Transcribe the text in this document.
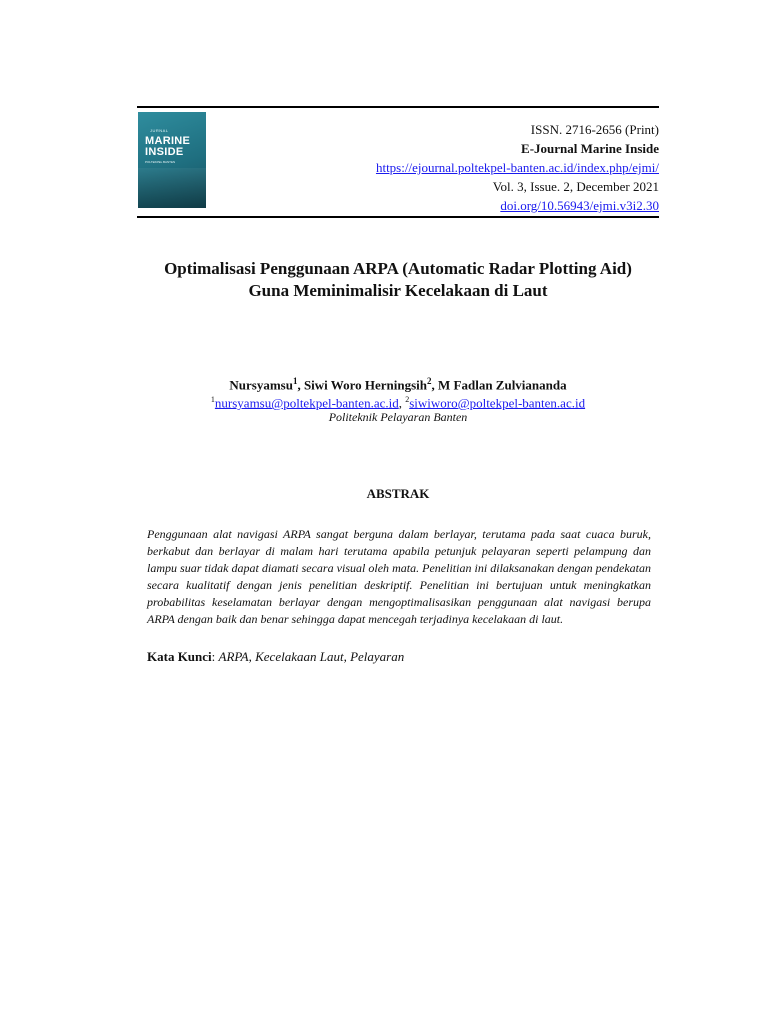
JURNAL
MARINE
INSIDE
POLTEKPEL BANTEN
ISSN. 2716-2656 (Print)
E-Journal Marine Inside
https://ejournal.poltekpel-banten.ac.id/index.php/ejmi/
Vol. 3, Issue. 2, December 2021
doi.org/10.56943/ejmi.v3i2.30
Optimalisasi Penggunaan ARPA (Automatic Radar Plotting Aid)
Guna Meminimalisir Kecelakaan di Laut
Nursyamsu$^1$, Siwi Woro Herningsih$^2$, M Fadlan Zulviananda
$^1$nursyamsu@poltekpel-banten.ac.id, $^2$siwiworo@poltekpel-banten.ac.id
Politeknik Pelayaran Banten
ABSTRAK
Penggunaan alat navigasi ARPA sangat berguna dalam berlayar, terutama pada saat cuaca buruk, berkabut dan berlayar di malam hari terutama apabila petunjuk pelayaran seperti pelampung dan lampu suar tidak dapat diamati secara visual oleh mata. Penelitian ini dilaksanakan dengan pendekatan secara kualitatif dengan jenis penelitian deskriptif. Penelitian ini bertujuan untuk meningkatkan probabilitas keselamatan berlayar dengan mengoptimalisasikan penggunaan alat navigasi berupa ARPA dengan baik dan benar sehingga dapat mencegah terjadinya kecelakaan di laut.
Kata Kunci: ARPA, Kecelakaan Laut, Pelayaran
